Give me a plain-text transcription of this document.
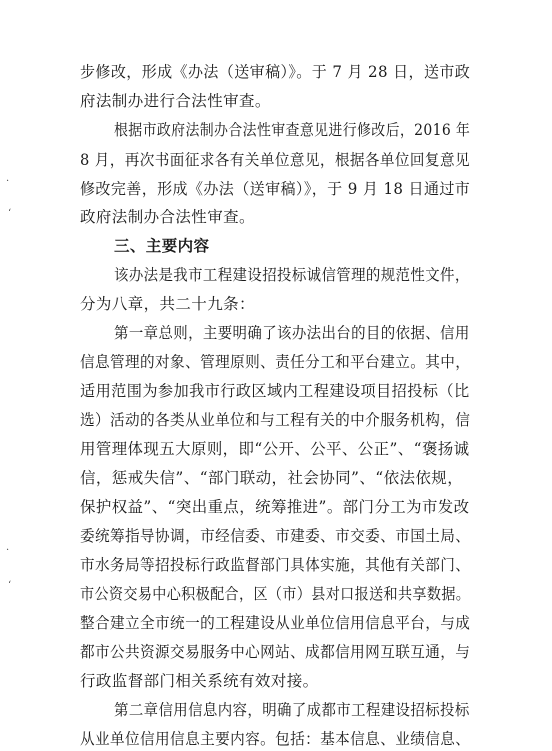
步修改，形成《办法（送审稿）》。于 7 月 28 日，送市政
府法制办进行合法性审查。
根据市政府法制办合法性审查意见进行修改后，2016 年
8 月，再次书面征求各有关单位意见，根据各单位回复意见
修改完善，形成《办法（送审稿）》，于 9 月 18 日通过市
政府法制办合法性审查。
三、主要内容
该办法是我市工程建设招投标诚信管理的规范性文件，
分为八章，共二十九条：
第一章总则，主要明确了该办法出台的目的依据、信用
信息管理的对象、管理原则、责任分工和平台建立。其中，
适用范围为参加我市行政区域内工程建设项目招投标（比
选）活动的各类从业单位和与工程有关的中介服务机构，信
用管理体现五大原则，即“公开、公平、公正”、“褒扬诚
信，惩戒失信”、“部门联动，社会协同”、“依法依规，
保护权益”、“突出重点，统筹推进”。部门分工为市发改
委统筹指导协调，市经信委、市建委、市交委、市国土局、
市水务局等招投标行政监督部门具体实施，其他有关部门、
市公资交易中心积极配合，区（市）县对口报送和共享数据。
整合建立全市统一的工程建设从业单位信用信息平台，与成
都市公共资源交易服务中心网站、成都信用网互联互通，与
行政监督部门相关系统有效对接。
第二章信用信息内容，明确了成都市工程建设招标投标
从业单位信用信息主要内容。包括：基本信息、业绩信息、
·
‘
·
‘
